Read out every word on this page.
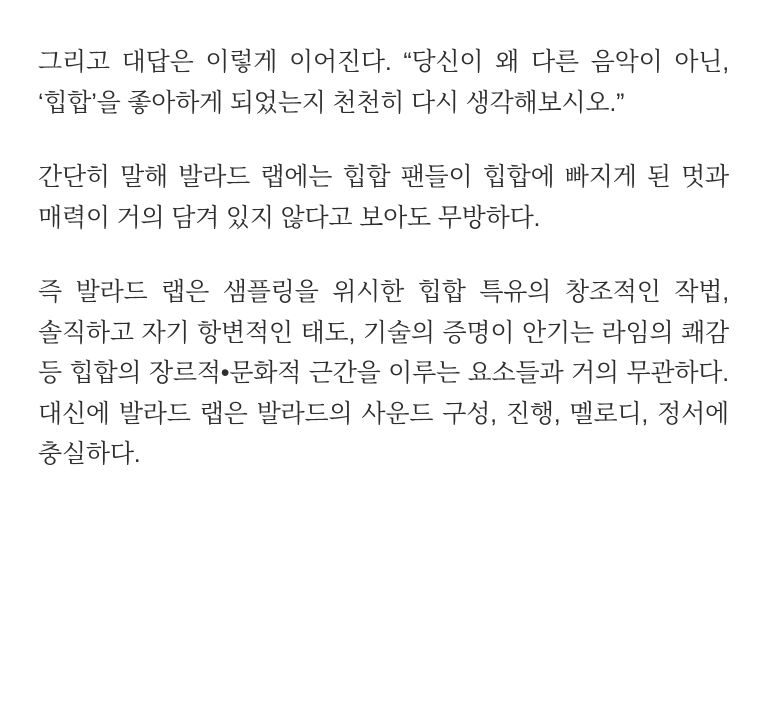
그리고 대답은 이렇게 이어진다. “당신이 왜 다른 음악이 아닌, ‘힙합’을 좋아하게 되었는지 천천히 다시 생각해보시오.”

간단히 말해 발라드 랩에는 힙합 팬들이 힙합에 빠지게 된 멋과 매력이 거의 담겨 있지 않다고 보아도 무방하다.

즉 발라드 랩은 샘플링을 위시한 힙합 특유의 창조적인 작법, 솔직하고 자기 항변적인 태도, 기술의 증명이 안기는 라임의 쾌감 등 힙합의 장르적•문화적 근간을 이루는 요소들과 거의 무관하다. 대신에 발라드 랩은 발라드의 사운드 구성, 진행, 멜로디, 정서에 충실하다.
